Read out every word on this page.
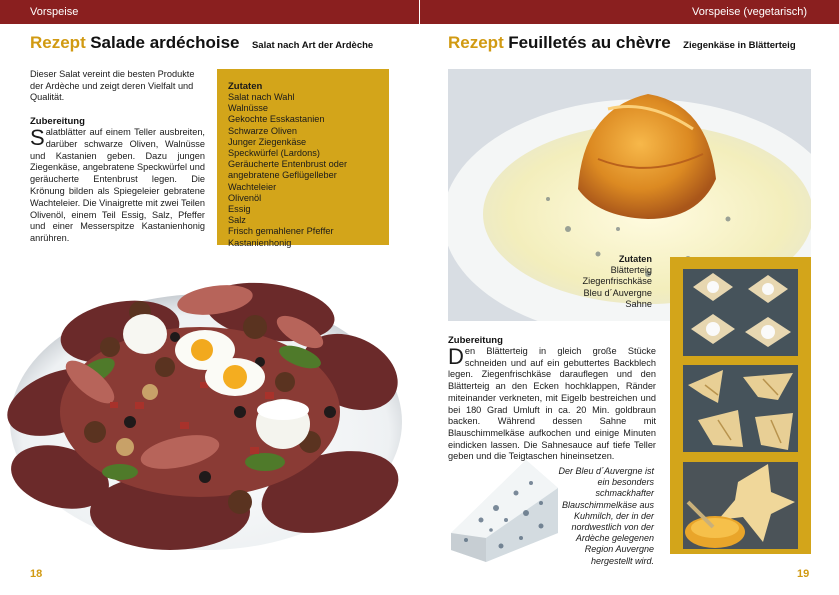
Vorspeise	Vorspeise (vegetarisch)
Rezept Salade ardéchoise Salat nach Art der Ardèche
Dieser Salat vereint die besten Produkte der Ardèche und zeigt deren Vielfalt und Qualität.
Zubereitung
Salatblätter auf einem Teller ausbreiten, darüber schwarze Oliven, Walnüsse und Kastanien geben. Dazu jungen Ziegenkäse, angebratene Speckwürfel und geräucherte Entenbrust legen. Die Krönung bilden als Spiegeleier gebratene Wachteleier. Die Vinaigrette mit zwei Teilen Olivenöl, einem Teil Essig, Salz, Pfeffer und einer Messerspitze Kastanienhonig anrühren.
Zutaten
Salat nach Wahl
Walnüsse
Gekochte Esskastanien
Schwarze Oliven
Junger Ziegenkäse
Speckwürfel (Lardons)
Geräucherte Entenbrust oder
angebratene Geflügelleber
Wachteleier
Olivenöl
Essig
Salz
Frisch gemahlener Pfeffer
Kastanienhonig
18
Rezept Feuilletés au chèvre Ziegenkäse in Blätterteig
Zutaten
Blätterteig
Ziegenfrischkäse
Bleu d´Auvergne
Sahne
Zubereitung
Den Blätterteig in gleich große Stücke schneiden und auf ein gebuttertes Backblech legen. Ziegenfrischkäse darauflegen und den Blätterteig an den Ecken hochklappen, Ränder miteinander verkneten, mit Eigelb bestreichen und bei 180 Grad Umluft in ca. 20 Min. goldbraun backen. Während dessen Sahne mit Blauschimmelkäse aufkochen und einige Minuten eindicken lassen. Die Sahnesauce auf tiefe Teller geben und die Teigtaschen hineinsetzen.
Der Bleu d´Auvergne ist ein besonders schmackhafter Blauschimmelkäse aus Kuhmilch, der in der nordwestlich von der Ardèche gelegenen Region Auvergne hergestellt wird.
19
